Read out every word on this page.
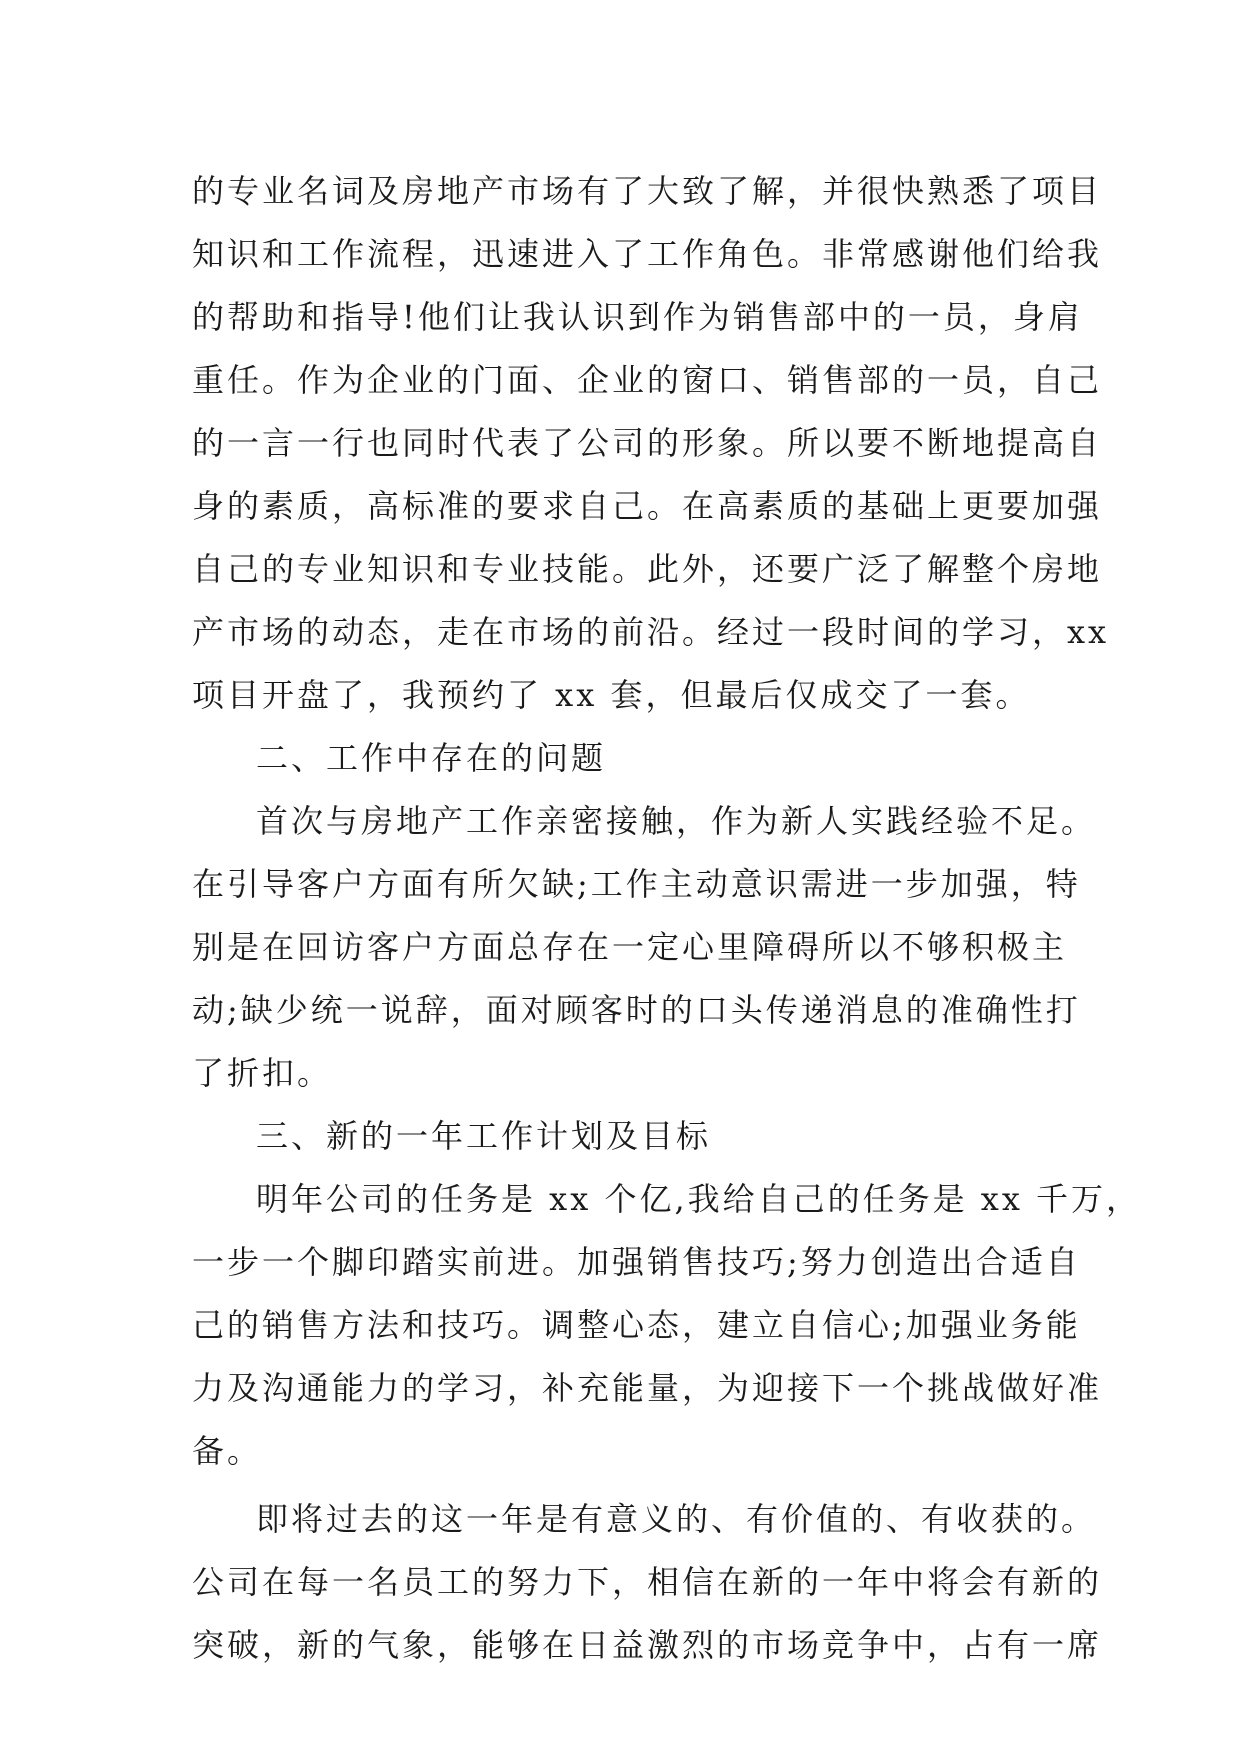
的专业名词及房地产市场有了大致了解，并很快熟悉了项目
知识和工作流程，迅速进入了工作角色。非常感谢他们给我
的帮助和指导!他们让我认识到作为销售部中的一员，身肩
重任。作为企业的门面、企业的窗口、销售部的一员，自己
的一言一行也同时代表了公司的形象。所以要不断地提高自
身的素质，高标准的要求自己。在高素质的基础上更要加强
自己的专业知识和专业技能。此外，还要广泛了解整个房地
产市场的动态，走在市场的前沿。经过一段时间的学习，xx
项目开盘了，我预约了 xx 套，但最后仅成交了一套。
二、工作中存在的问题
首次与房地产工作亲密接触，作为新人实践经验不足。
在引导客户方面有所欠缺;工作主动意识需进一步加强，特
别是在回访客户方面总存在一定心里障碍所以不够积极主
动;缺少统一说辞，面对顾客时的口头传递消息的准确性打
了折扣。
三、新的一年工作计划及目标
明年公司的任务是 xx 个亿,我给自己的任务是 xx 千万，
一步一个脚印踏实前进。加强销售技巧;努力创造出合适自
己的销售方法和技巧。调整心态，建立自信心;加强业务能
力及沟通能力的学习，补充能量，为迎接下一个挑战做好准
备。
即将过去的这一年是有意义的、有价值的、有收获的。
公司在每一名员工的努力下，相信在新的一年中将会有新的
突破，新的气象，能够在日益激烈的市场竞争中，占有一席
